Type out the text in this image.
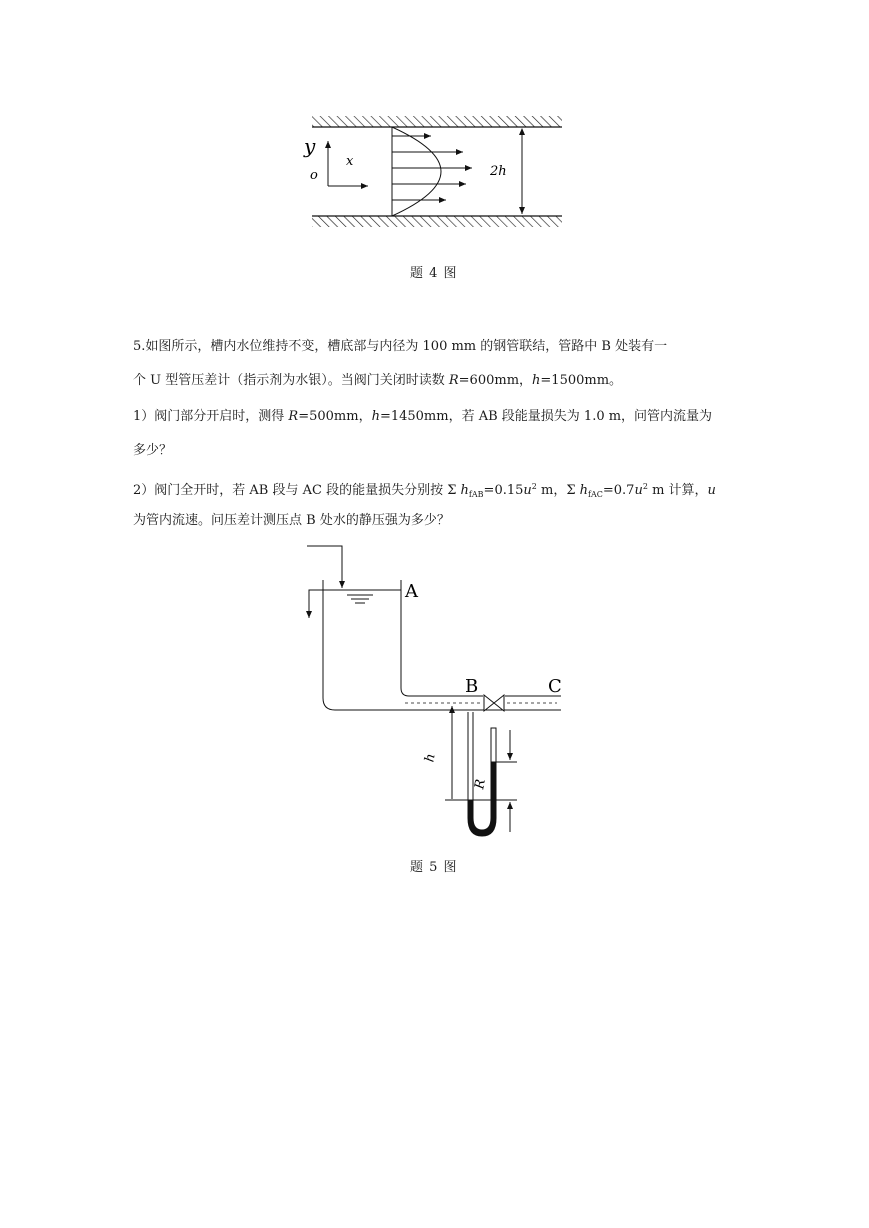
y
x
o	2h
题 4 图
5.如图所示，槽内水位维持不变，槽底部与内径为 100 mm 的钢管联结，管路中 B 处装有一
个 U 型管压差计（指示剂为水银）。当阀门关闭时读数 R=600mm，h=1500mm。
1）阀门部分开启时，测得 R=500mm，h=1450mm，若 AB 段能量损失为 1.0 m，问管内流量为
多少？
2）阀门全开时，若 AB 段与 AC 段的能量损失分别按 Σ $h_{fAB}=0.15u^2$ m，Σ $h_{fAC}=0.7u^2$ m 计算，u
为管内流速。问压差计测压点 B 处水的静压强为多少？
A
B	C
h
R
题 5 图
